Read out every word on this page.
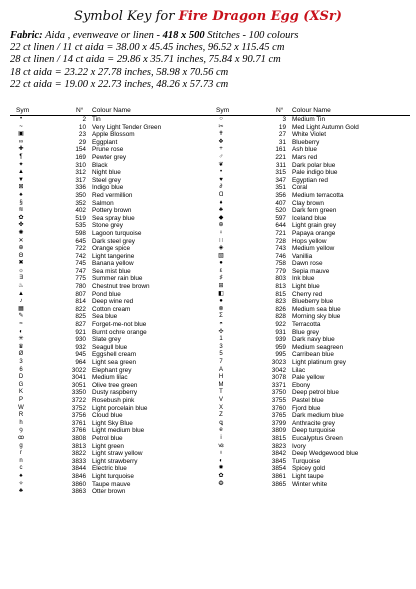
Symbol Key for Fire Dragon Egg (XSr)
Fabric: Aida , evenweave or linen - 418 x 500 Stitches - 100 colours
22 ct linen / 11 ct aida = 38.00 x 45.45 inches, 96.52 x 115.45 cm
28 ct linen / 14 ct aida = 29.86 x 35.71 inches, 75.84 x 90.71 cm
18 ct aida = 23.22 x 27.78 inches, 58.98 x 70.56 cm
22 ct aida = 19.00 x 22.73 inches, 48.26 x 57.73 cm
Sym	N° Colour Name	Sym	N° Colour Name
•	2 Tin
~	10 Very Light Tender Green
▣	23 Apple Blossom
∞	29 Eggplant
✚	154 Prune rose
¶	169 Pewter grey
✦	310 Black
▲	312 Night blue
▼	317 Steel grey
⊠	336 Indigo blue
♠	350 Red vermillion
§	352 Salmon
≋	402 Pottery brown
✿	519 Sea spray blue
✤	535 Stone grey
✺	598 Lagoon turquoise
✕	645 Dark steel grey
⊕	722 Orange spice
Θ	742 Light tangerine
✖	745 Banana yellow
☼	747 Sea mist blue
∃	775 Summer rain blue
♨	780 Chestnut tree brown
▲	807 Pond blue
♪	814 Deep wine red
▦	822 Cotton cream
✎	825 Sea blue
≈	827 Forget-me-not blue
◐	921 Burnt ochre orange
✳	930 Slate grey
♛	932 Seagull blue
Ø	945 Eggshell cream
3	964 Light sea green
6	3022 Elephant grey
D	3041 Medium lilac
G	3051 Olive tree green
K	3350 Dusty raspberry
P	3722 Rosebush pink
W	3752 Light porcelain blue
R	3756 Cloud blue
h	3761 Light Sky Blue
ꝯ	3766 Light medium blue
ꝏ	3808 Petrol blue
g	3813 Light green
r	3822 Light straw yellow
n	3833 Light strawberry
c	3844 Electric blue
♠	3846 Light turquoise
✧	3860 Taupe mauve
♣	3863 Otter brown
○	3 Medium Tin
✂	19 Med Light Autumn Gold
✝	27 White Violet
❖	31 Blueberry
+	161 Ash blue
♂	221 Mars red
❦	311 Dark polar blue
•	315 Pale indigo blue
♥	347 Egyptian red
∂	351 Coral
Ɑ	356 Medium terracotta
♦	407 Clay brown
♣	520 Dark fern green
◆	597 Iceland blue
⊕	644 Light grain grey
♀	721 Papaya orange
∷	728 Hops yellow
◈	743 Medium yellow
▧	746 Vanillia
●	758 Dawn rose
ε	779 Sepia mauve
♯	803 Ink blue
⊞	813 Light blue
◧	815 Cherry red
●	823 Blueberry blue
⊗	826 Medium sea blue
Σ	828 Morning sky blue
◓	922 Terracotta
✣	931 Blue grey
1	939 Dark navy blue
3	959 Medium seagreen
5	995 Carribean blue
7	3023 Light platinum grey
A	3042 Lilac
H	3078 Pale yellow
M	3371 Ebony
T	3750 Deep petrol blue
V	3755 Pastel blue
X	3760 Fjord blue
Z	3765 Dark medium blue
ꝗ	3799 Anthracite grey
e	3809 Deep turquoise
i	3815 Eucalyptus Green
ꟃ	3823 Ivory
♁	3842 Deep Wedgewood blue
◐	3845 Turquoise
✸	3854 Spicey gold
✿	3861 Light taupe
❂	3865 Winter white
